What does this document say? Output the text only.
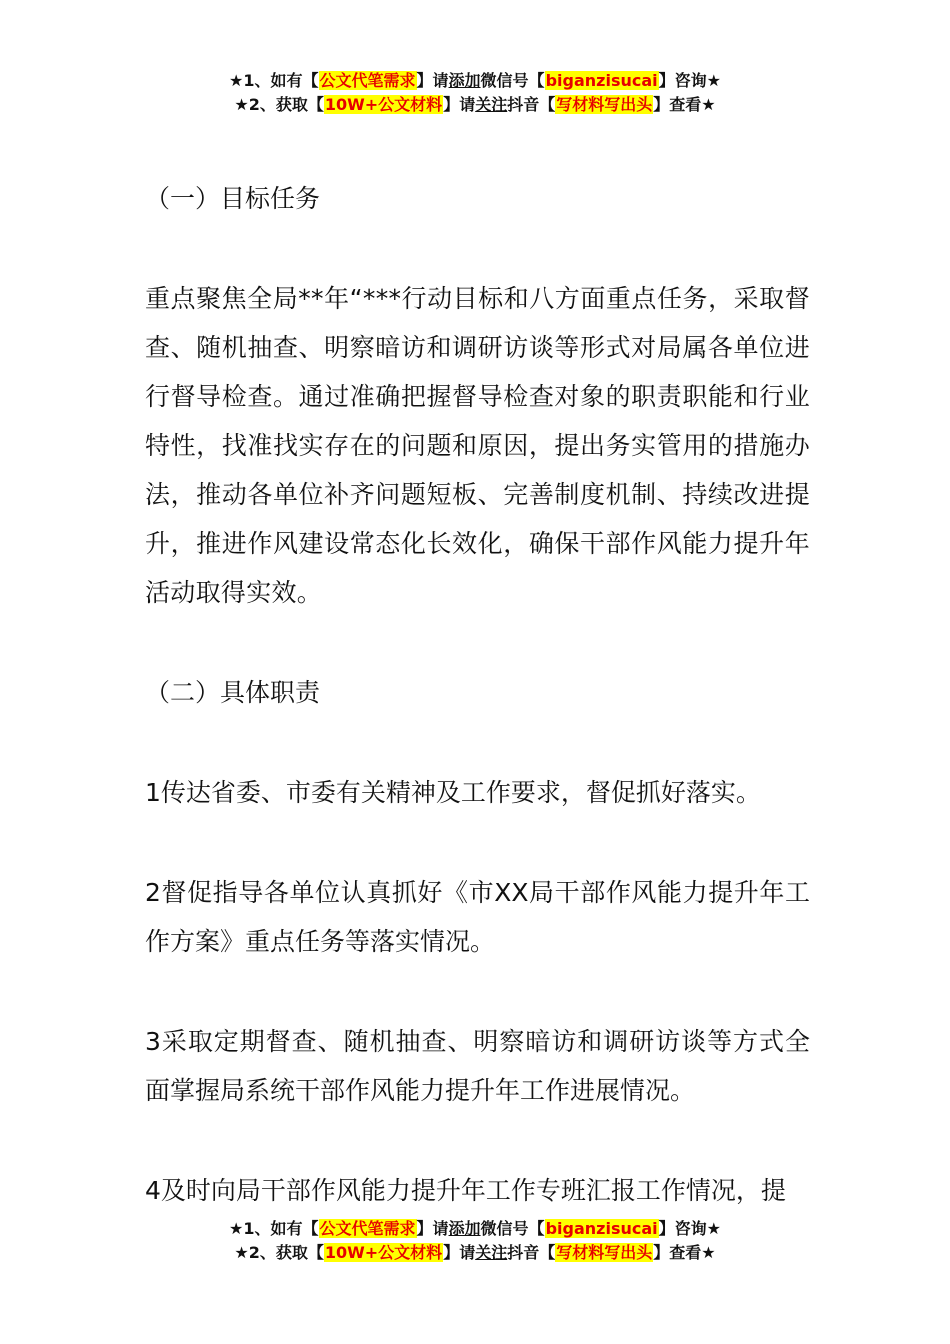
★1、如有【公文代笔需求】请添加微信号【biganzisucai】咨询★
★2、获取【10W+公文材料】请关注抖音【写材料写出头】查看★
（一）目标任务
重点聚焦全局**年“***行动目标和八方面重点任务，采取督查、随机抽查、明察暗访和调研访谈等形式对局属各单位进行督导检查。通过准确把握督导检查对象的职责职能和行业特性，找准找实存在的问题和原因，提出务实管用的措施办法，推动各单位补齐问题短板、完善制度机制、持续改进提升，推进作风建设常态化长效化，确保干部作风能力提升年活动取得实效。
（二）具体职责
1传达省委、市委有关精神及工作要求，督促抓好落实。
2督促指导各单位认真抓好《市XX局干部作风能力提升年工作方案》重点任务等落实情况。
3采取定期督查、随机抽查、明察暗访和调研访谈等方式全面掌握局系统干部作风能力提升年工作进展情况。
4及时向局干部作风能力提升年工作专班汇报工作情况，提
★1、如有【公文代笔需求】请添加微信号【biganzisucai】咨询★
★2、获取【10W+公文材料】请关注抖音【写材料写出头】查看★
